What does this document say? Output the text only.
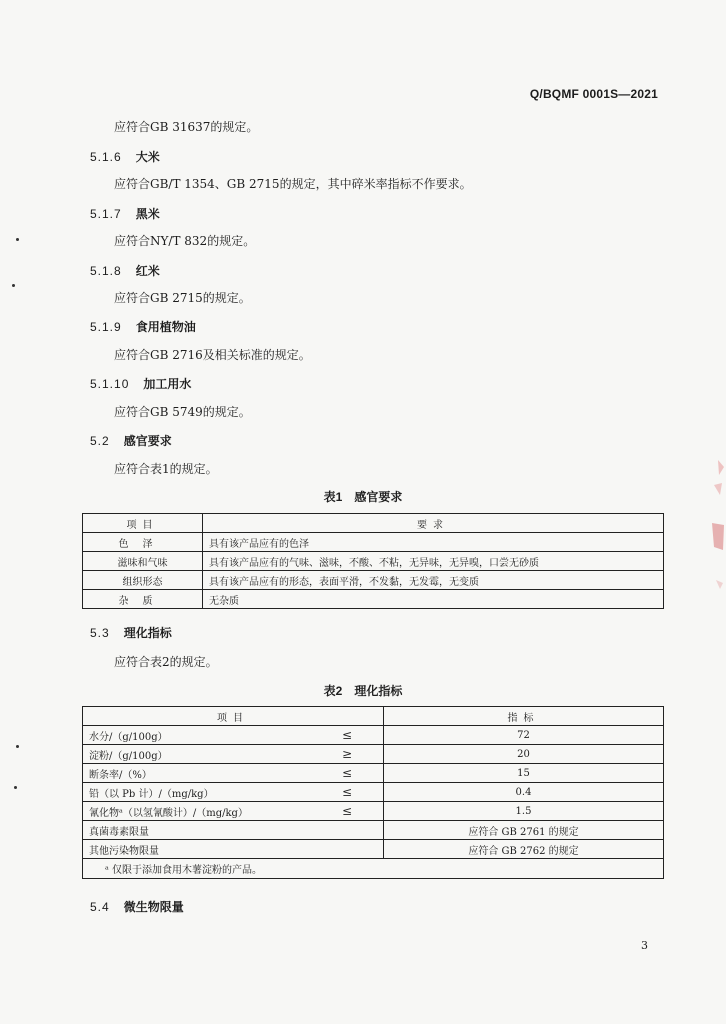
Q/BQMF 0001S—2021
应符合GB 31637的规定。
5.1.6 大米
应符合GB/T 1354、GB 2715的规定，其中碎米率指标不作要求。
5.1.7 黑米
应符合NY/T 832的规定。
5.1.8 红米
应符合GB 2715的规定。
5.1.9 食用植物油
应符合GB 2716及相关标准的规定。
5.1.10 加工用水
应符合GB 5749的规定。
5.2 感官要求
应符合表1的规定。
表1 感官要求
项目	要求
色泽	具有该产品应有的色泽
滋味和气味	具有该产品应有的气味、滋味，不酸、不粘，无异味，无异嗅，口尝无砂质
组织形态	具有该产品应有的形态，表面平滑，不发黏，无发霉，无变质
杂质	无杂质
5.3 理化指标
应符合表2的规定。
表2 理化指标
项目		指标
水分/（g/100g）	≤	72
淀粉/（g/100g）	≥	20
断条率/（%）	≤	15
铅（以 Pb 计）/（mg/kg）	≤	0.4
氰化物ᵃ（以氢氰酸计）/（mg/kg）	≤	1.5
真菌毒素限量		应符合 GB 2761 的规定
其他污染物限量		应符合 GB 2762 的规定
ᵃ 仅限于添加食用木薯淀粉的产品。		
5.4 微生物限量
3
